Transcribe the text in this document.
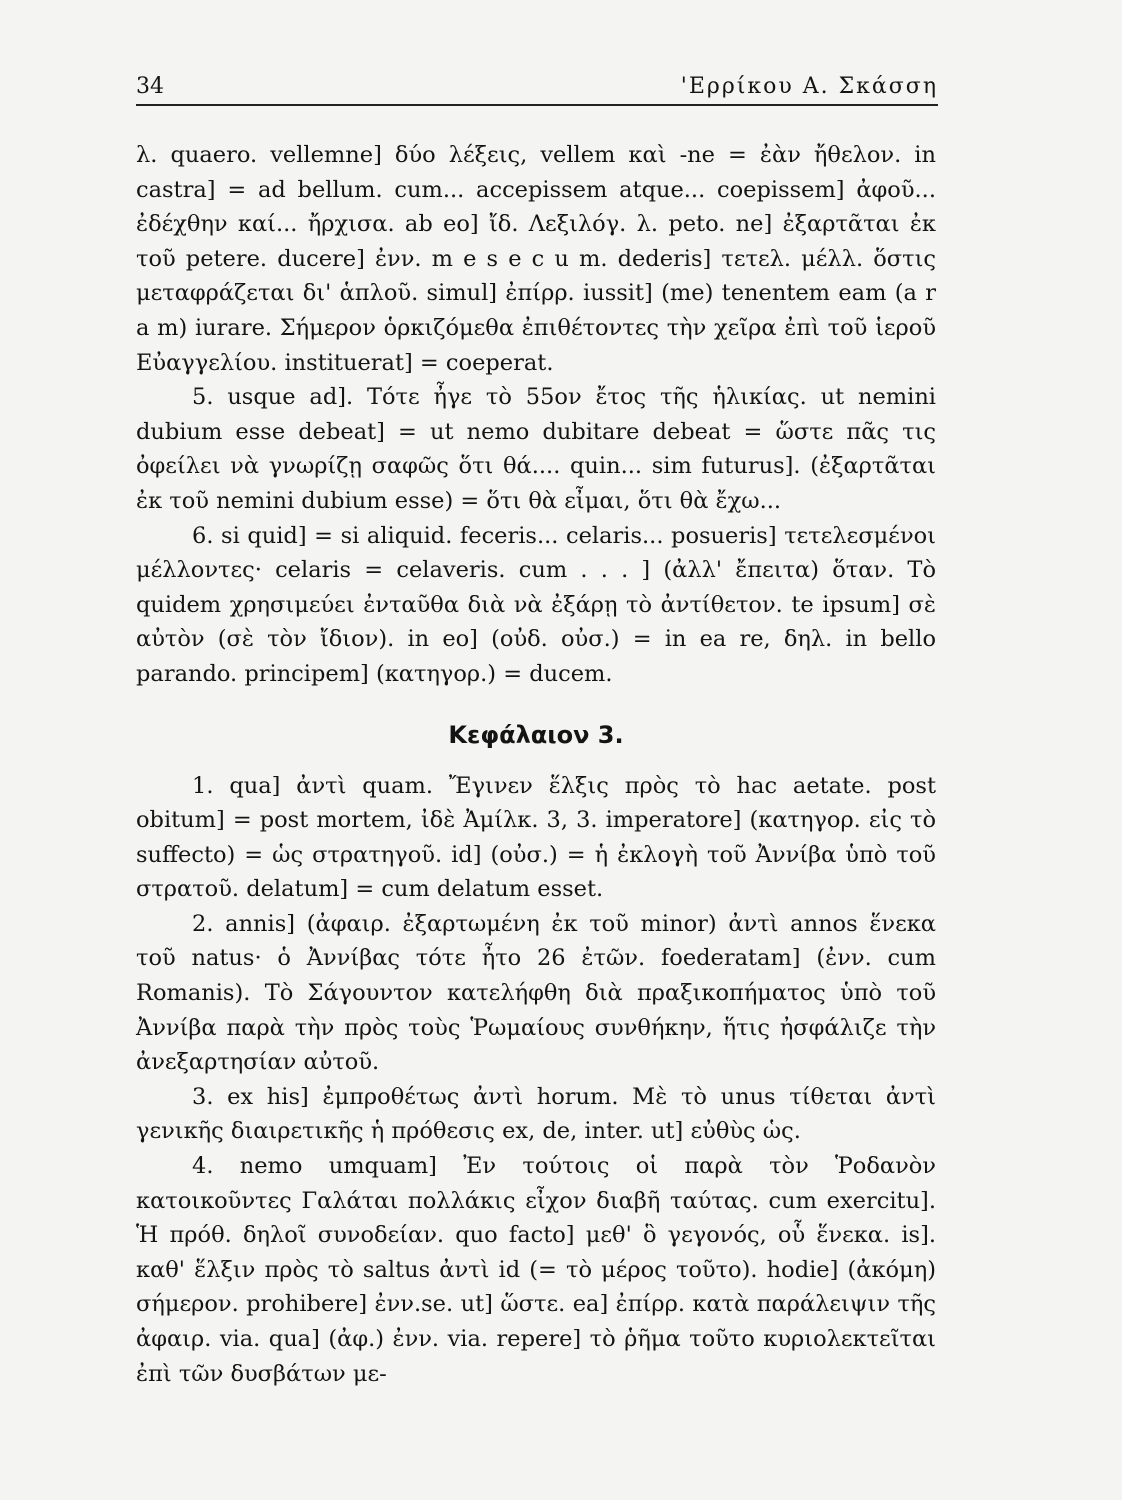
34	'Ερρίκου Α. Σκάσση

λ. quaero. vellemne] δύο λέξεις, vellem καὶ -ne = ἐὰν ἤθελον. in castra] = ad bellum. cum... accepissem atque... coepissem] ἀφοῦ... ἐδέχθην καί... ἤρχισα. ab eo] ἴδ. Λεξιλόγ. λ. peto. ne] ἐξαρτᾶται ἐκ τοῦ petere. ducere] ἐνν. m e s e c u m. dederis] τετελ. μέλλ. ὅστις μεταφράζεται δι' ἁπλοῦ. simul] ἐπίρρ. iussit] (me) tenentem eam (a r a m) iurare. Σήμερον ὁρκιζόμεθα ἐπιθέτοντες τὴν χεῖρα ἐπὶ τοῦ ἱεροῦ Εὐαγγελίου. instituerat] = coeperat.

5. usque ad]. Τότε ἦγε τὸ 55ον ἔτος τῆς ἡλικίας. ut nemini dubium esse debeat] = ut nemo dubitare debeat = ὥστε πᾶς τις ὀφείλει νὰ γνωρίζῃ σαφῶς ὅτι θά.... quin... sim futurus]. (ἐξαρτᾶται ἐκ τοῦ nemini dubium esse) = ὅτι θὰ εἶμαι, ὅτι θὰ ἔχω...

6. si quid] = si aliquid. feceris... celaris... posueris] τετελεσμένοι μέλλοντες· celaris = celaveris. cum . . . ] (ἀλλ' ἔπειτα) ὅταν. Τὸ quidem χρησιμεύει ἐνταῦθα διὰ νὰ ἐξάρῃ τὸ ἀντίθετον. te ipsum] σὲ αὐτὸν (σὲ τὸν ἴδιον). in eo] (οὐδ. οὐσ.) = in ea re, δηλ. in bello parando. principem] (κατηγορ.) = ducem.

Κεφάλαιον 3.

1. qua] ἀντὶ quam. Ἔγινεν ἕλξις πρὸς τὸ hac aetate. post obitum] = post mortem, ἰδὲ Ἀμίλκ. 3, 3. imperatore] (κατηγορ. εἰς τὸ suffecto) = ὡς στρατηγοῦ. id] (οὐσ.) = ἡ ἐκλογὴ τοῦ Ἀννίβα ὑπὸ τοῦ στρατοῦ. delatum] = cum delatum esset.

2. annis] (ἀφαιρ. ἐξαρτωμένη ἐκ τοῦ minor) ἀντὶ annos ἕνεκα τοῦ natus· ὁ Ἀννίβας τότε ἦτο 26 ἐτῶν. foederatam] (ἐνν. cum Romanis). Τὸ Σάγουντον κατελήφθη διὰ πραξικοπήματος ὑπὸ τοῦ Ἀννίβα παρὰ τὴν πρὸς τοὺς Ῥωμαίους συνθήκην, ἥτις ἠσφάλιζε τὴν ἀνεξαρτησίαν αὐτοῦ.

3. ex his] ἐμπροθέτως ἀντὶ horum. Μὲ τὸ unus τίθεται ἀντὶ γενικῆς διαιρετικῆς ἡ πρόθεσις ex, de, inter. ut] εὐθὺς ὡς.

4. nemo umquam] Ἐν τούτοις οἱ παρὰ τὸν Ῥοδανὸν κατοικοῦντες Γαλάται πολλάκις εἶχον διαβῆ ταύτας. cum exercitu]. Ἡ πρόθ. δηλοῖ συνοδείαν. quo facto] μεθ' ὃ γεγονός, οὗ ἕνεκα. is]. καθ' ἕλξιν πρὸς τὸ saltus ἀντὶ id (= τὸ μέρος τοῦτο). hodie] (ἀκόμη) σήμερον. prohibere] ἐνν.se. ut] ὥστε. ea] ἐπίρρ. κατὰ παράλειψιν τῆς ἀφαιρ. via. qua] (ἀφ.) ἐνν. via. repere] τὸ ῥῆμα τοῦτο κυριολεκτεῖται ἐπὶ τῶν δυσβάτων με-
